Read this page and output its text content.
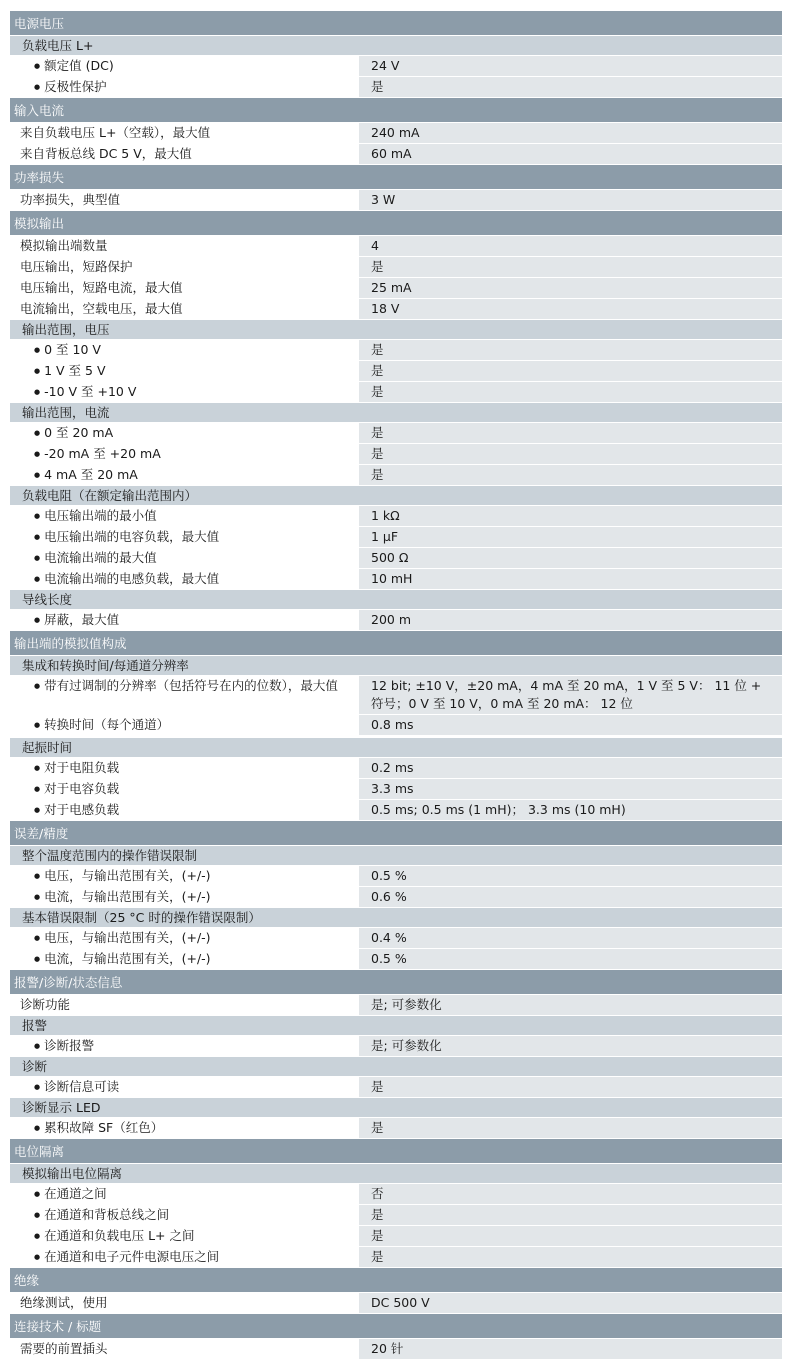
电源电压
负载电压 L+
● 额定值 (DC)	24 V
● 反极性保护	是
输入电流
来自负载电压 L+（空载），最大值	240 mA
来自背板总线 DC 5 V，最大值	60 mA
功率损失
功率损失，典型值	3 W
模拟输出
模拟输出端数量	4
电压输出，短路保护	是
电压输出，短路电流，最大值	25 mA
电流输出，空载电压，最大值	18 V
输出范围，电压
● 0 至 10 V	是
● 1 V 至 5 V	是
● -10 V 至 +10 V	是
输出范围，电流
● 0 至 20 mA	是
● -20 mA 至 +20 mA	是
● 4 mA 至 20 mA	是
负载电阻（在额定输出范围内）
● 电压输出端的最小值	1 kΩ
● 电压输出端的电容负载，最大值	1 μF
● 电流输出端的最大值	500 Ω
● 电流输出端的电感负载，最大值	10 mH
导线长度
● 屏蔽，最大值	200 m
输出端的模拟值构成
集成和转换时间/每通道分辨率
● 带有过调制的分辨率（包括符号在内的位数），最大值	12 bit; ±10 V，±20 mA，4 mA 至 20 mA，1 V 至 5 V： 11 位 + 符号；0 V 至 10 V，0 mA 至 20 mA： 12 位
● 转换时间（每个通道）	0.8 ms
起振时间
● 对于电阻负载	0.2 ms
● 对于电容负载	3.3 ms
● 对于电感负载	0.5 ms; 0.5 ms (1 mH)； 3.3 ms (10 mH)
误差/精度
整个温度范围内的操作错误限制
● 电压，与输出范围有关，(+/-)	0.5 %
● 电流，与输出范围有关，(+/-)	0.6 %
基本错误限制（25 °C 时的操作错误限制）
● 电压，与输出范围有关，(+/-)	0.4 %
● 电流，与输出范围有关，(+/-)	0.5 %
报警/诊断/状态信息
诊断功能	是; 可参数化
报警
● 诊断报警	是; 可参数化
诊断
● 诊断信息可读	是
诊断显示 LED
● 累积故障 SF（红色）	是
电位隔离
模拟输出电位隔离
● 在通道之间	否
● 在通道和背板总线之间	是
● 在通道和负载电压 L+ 之间	是
● 在通道和电子元件电源电压之间	是
绝缘
绝缘测试，使用	DC 500 V
连接技术 / 标题
需要的前置插头	20 针
